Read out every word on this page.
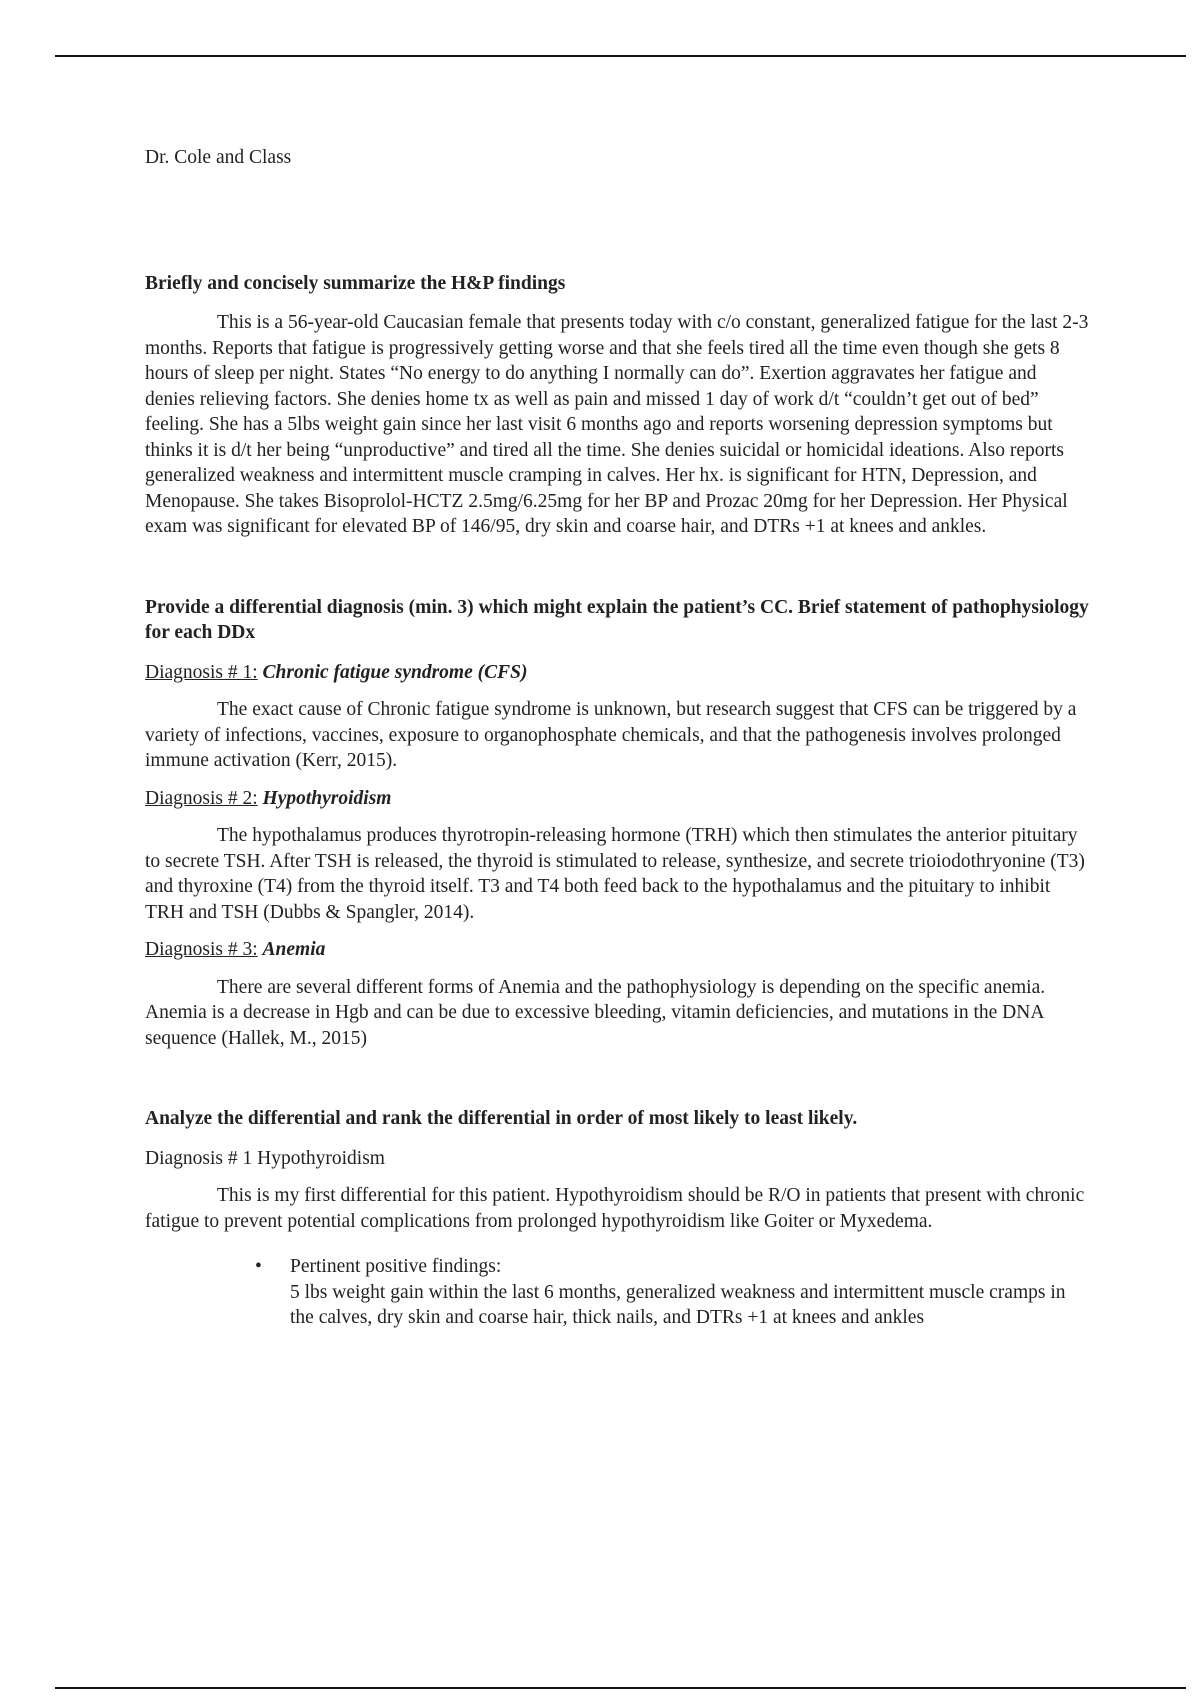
Dr. Cole and Class

Briefly and concisely summarize the H&P findings

This is a 56-year-old Caucasian female that presents today with c/o constant, generalized fatigue for the last 2-3 months. Reports that fatigue is progressively getting worse and that she feels tired all the time even though she gets 8 hours of sleep per night. States “No energy to do anything I normally can do”. Exertion aggravates her fatigue and denies relieving factors. She denies home tx as well as pain and missed 1 day of work d/t “couldn’t get out of bed” feeling. She has a 5lbs weight gain since her last visit 6 months ago and reports worsening depression symptoms but thinks it is d/t her being “unproductive” and tired all the time. She denies suicidal or homicidal ideations. Also reports generalized weakness and intermittent muscle cramping in calves. Her hx. is significant for HTN, Depression, and Menopause. She takes Bisoprolol-HCTZ 2.5mg/6.25mg for her BP and Prozac 20mg for her Depression. Her Physical exam was significant for elevated BP of 146/95, dry skin and coarse hair, and DTRs +1 at knees and ankles.

Provide a differential diagnosis (min. 3) which might explain the patient’s CC. Brief statement of pathophysiology for each DDx

Diagnosis # 1: Chronic fatigue syndrome (CFS)

The exact cause of Chronic fatigue syndrome is unknown, but research suggest that CFS can be triggered by a variety of infections, vaccines, exposure to organophosphate chemicals, and that the pathogenesis involves prolonged immune activation (Kerr, 2015).

Diagnosis # 2: Hypothyroidism

The hypothalamus produces thyrotropin-releasing hormone (TRH) which then stimulates the anterior pituitary to secrete TSH. After TSH is released, the thyroid is stimulated to release, synthesize, and secrete trioiodothryonine (T3) and thyroxine (T4) from the thyroid itself. T3 and T4 both feed back to the hypothalamus and the pituitary to inhibit TRH and TSH (Dubbs & Spangler, 2014).

Diagnosis # 3: Anemia

There are several different forms of Anemia and the pathophysiology is depending on the specific anemia. Anemia is a decrease in Hgb and can be due to excessive bleeding, vitamin deficiencies, and mutations in the DNA sequence (Hallek, M., 2015)

Analyze the differential and rank the differential in order of most likely to least likely.

Diagnosis # 1 Hypothyroidism

This is my first differential for this patient. Hypothyroidism should be R/O in patients that present with chronic fatigue to prevent potential complications from prolonged hypothyroidism like Goiter or Myxedema.

• Pertinent positive findings:

5 lbs weight gain within the last 6 months, generalized weakness and intermittent muscle cramps in the calves, dry skin and coarse hair, thick nails, and DTRs +1 at knees and ankles
